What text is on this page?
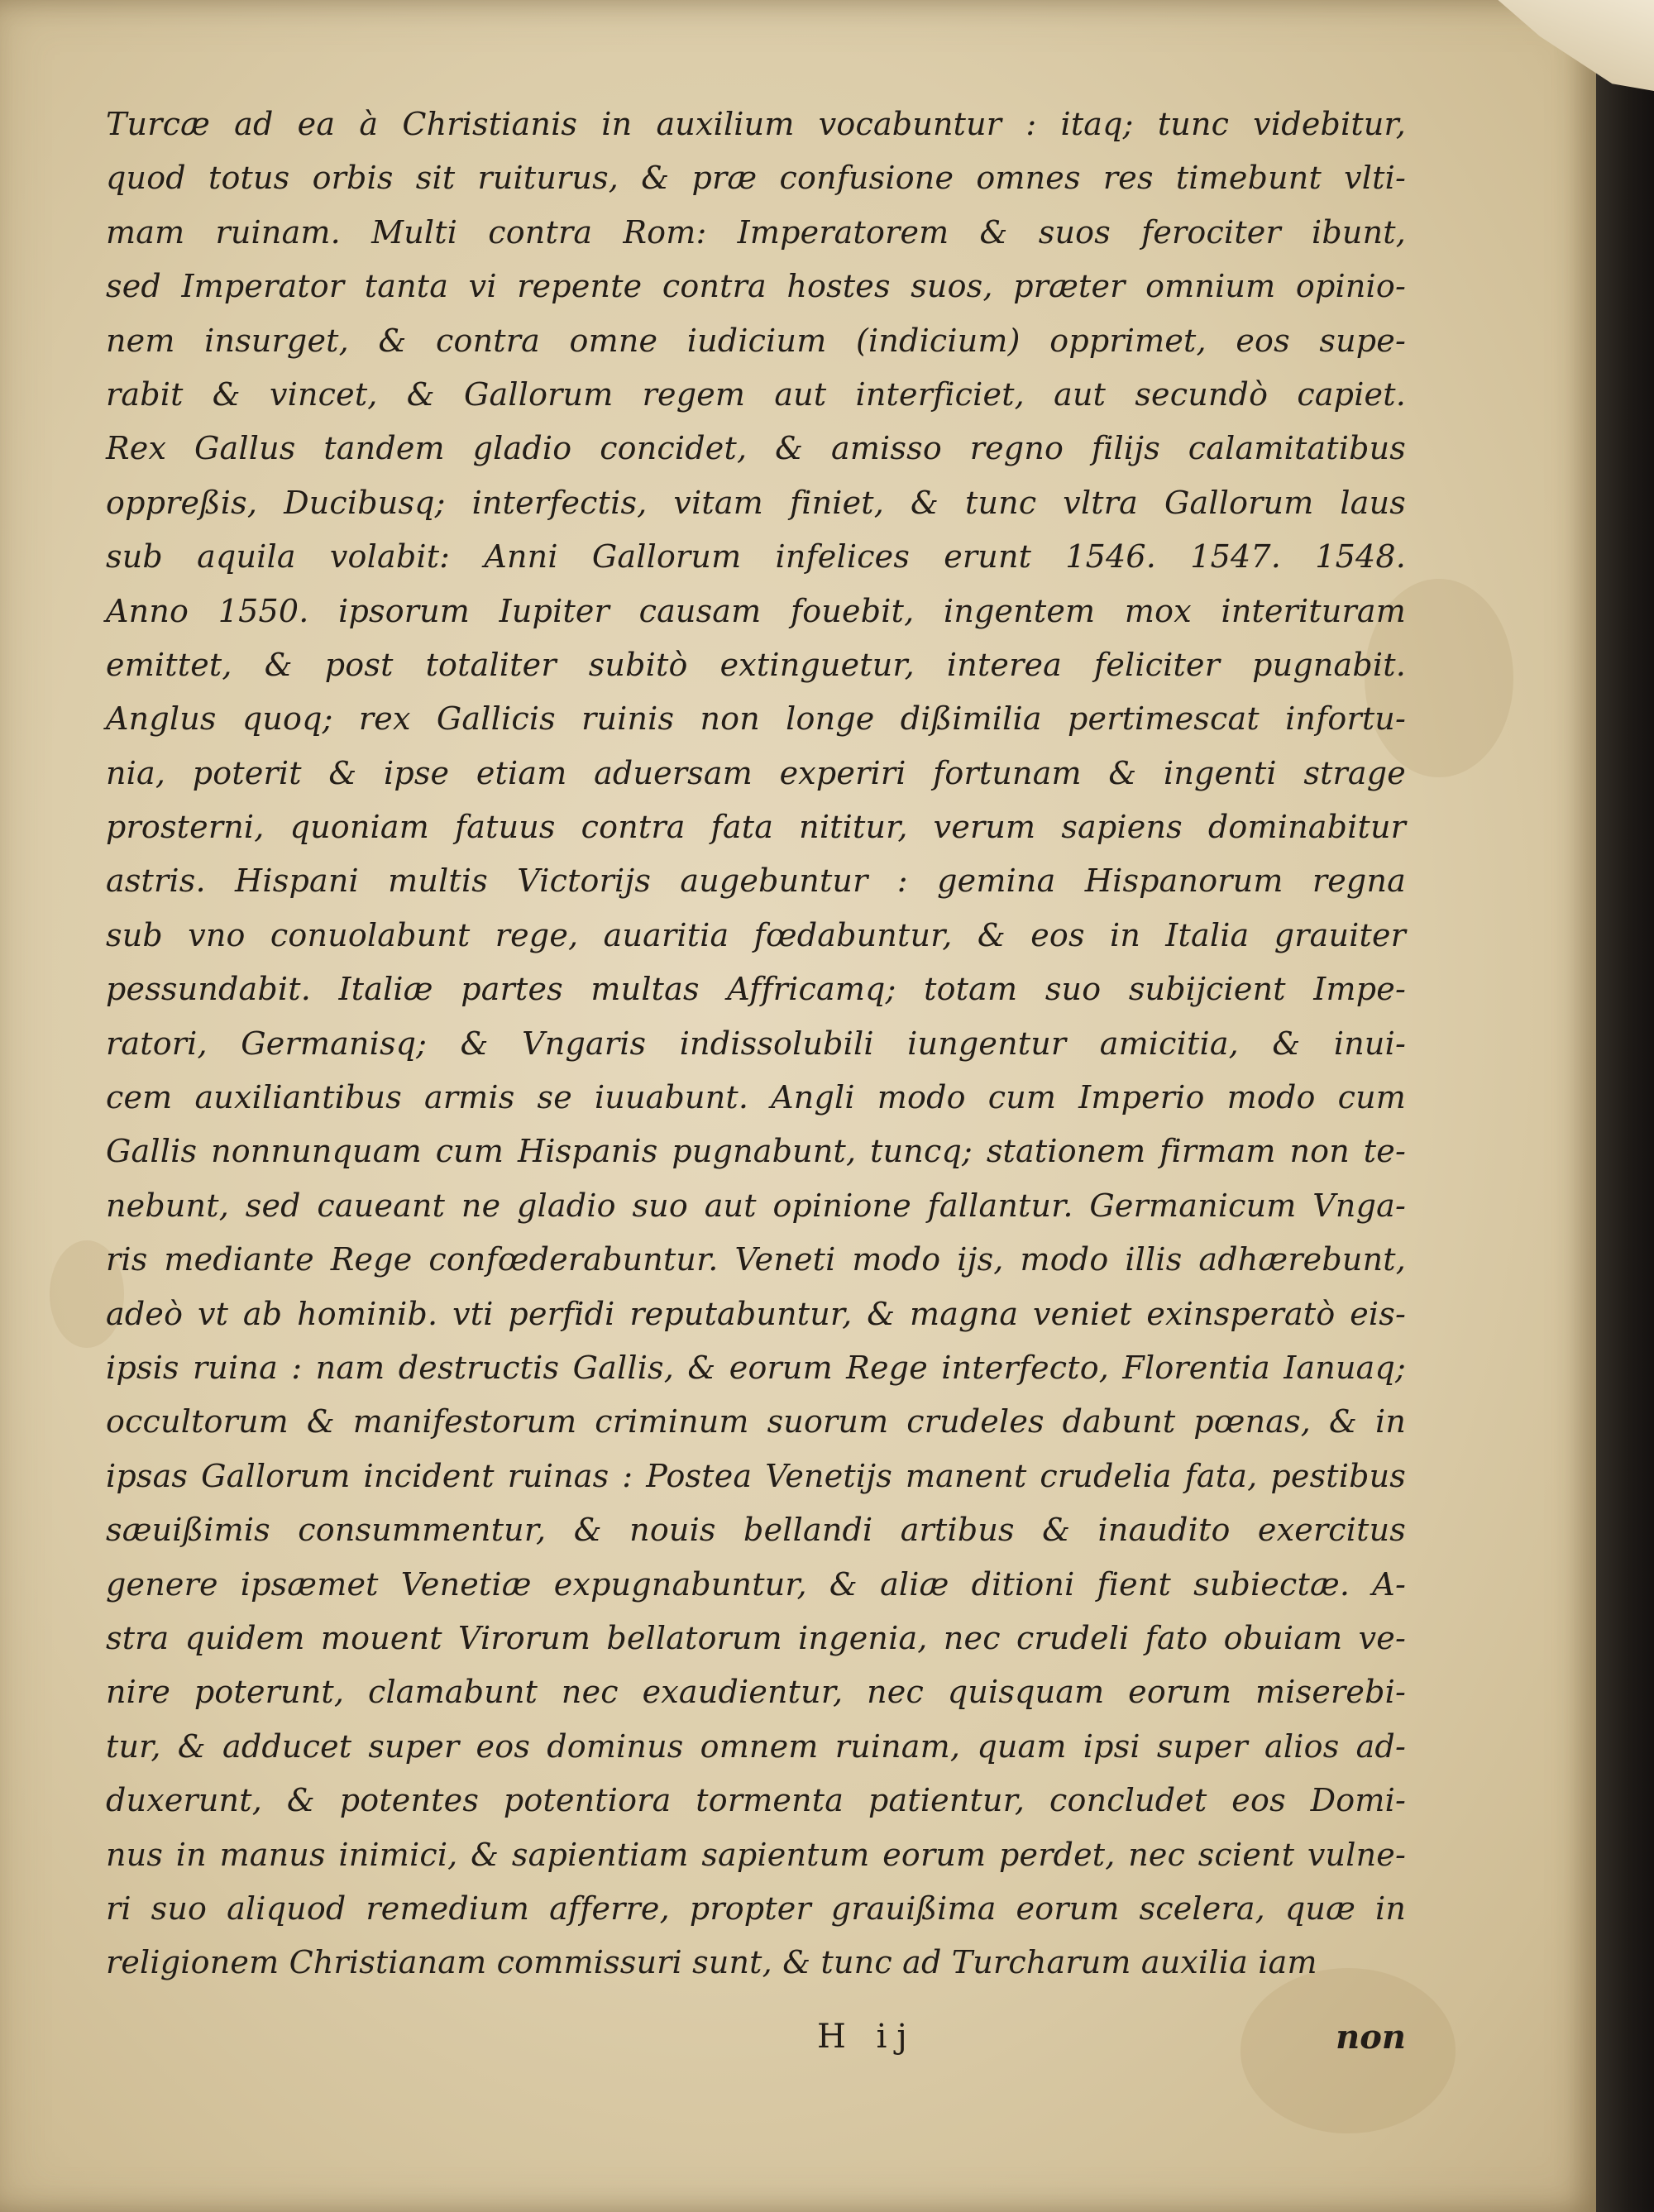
Turcæ ad ea à Christianis in auxilium vocabuntur : itaq; tunc videbitur,
quod totus orbis sit ruiturus, & præ confusione omnes res timebunt vlti-
mam ruinam. Multi contra Rom: Imperatorem & suos ferociter ibunt,
sed Imperator tanta vi repente contra hostes suos, præter omnium opinio-
nem insurget, & contra omne iudicium (indicium) opprimet, eos supe-
rabit & vincet, & Gallorum regem aut interficiet, aut secundò capiet.
Rex Gallus tandem gladio concidet, & amisso regno filijs calamitatibus
oppreßis, Ducibusq; interfectis, vitam finiet, & tunc vltra Gallorum laus
sub aquila volabit: Anni Gallorum infelices erunt 1546. 1547. 1548.
Anno 1550. ipsorum Iupiter causam fouebit, ingentem mox interituram
emittet, & post totaliter subitò extinguetur, interea feliciter pugnabit.
Anglus quoq; rex Gallicis ruinis non longe dißimilia pertimescat infortu-
nia, poterit & ipse etiam aduersam experiri fortunam & ingenti strage
prosterni, quoniam fatuus contra fata nititur, verum sapiens dominabitur
astris. Hispani multis Victorijs augebuntur : gemina Hispanorum regna
sub vno conuolabunt rege, auaritia fœdabuntur, & eos in Italia grauiter
pessundabit. Italiæ partes multas Affricamq; totam suo subijcient Impe-
ratori, Germanisq; & Vngaris indissolubili iungentur amicitia, & inui-
cem auxiliantibus armis se iuuabunt. Angli modo cum Imperio modo cum
Gallis nonnunquam cum Hispanis pugnabunt, tuncq; stationem firmam non te-
nebunt, sed caueant ne gladio suo aut opinione fallantur. Germanicum Vnga-
ris mediante Rege confœderabuntur. Veneti modo ijs, modo illis adhærebunt,
adeò vt ab hominib. vti perfidi reputabuntur, & magna veniet exinsperatò eis-
ipsis ruina : nam destructis Gallis, & eorum Rege interfecto, Florentia Ianuaq;
occultorum & manifestorum criminum suorum crudeles dabunt pœnas, & in
ipsas Gallorum incident ruinas : Postea Venetijs manent crudelia fata, pestibus
sæuißimis consummentur, & nouis bellandi artibus & inaudito exercitus
genere ipsæmet Venetiæ expugnabuntur, & aliæ ditioni fient subiectæ. A-
stra quidem mouent Virorum bellatorum ingenia, nec crudeli fato obuiam ve-
nire poterunt, clamabunt nec exaudientur, nec quisquam eorum miserebi-
tur, & adducet super eos dominus omnem ruinam, quam ipsi super alios ad-
duxerunt, & potentes potentiora tormenta patientur, concludet eos Domi-
nus in manus inimici, & sapientiam sapientum eorum perdet, nec scient vulne-
ri suo aliquod remedium afferre, propter grauißima eorum scelera, quæ in
religionem Christianam commissuri sunt, & tunc ad Turcharum auxilia iam
H ij	non
